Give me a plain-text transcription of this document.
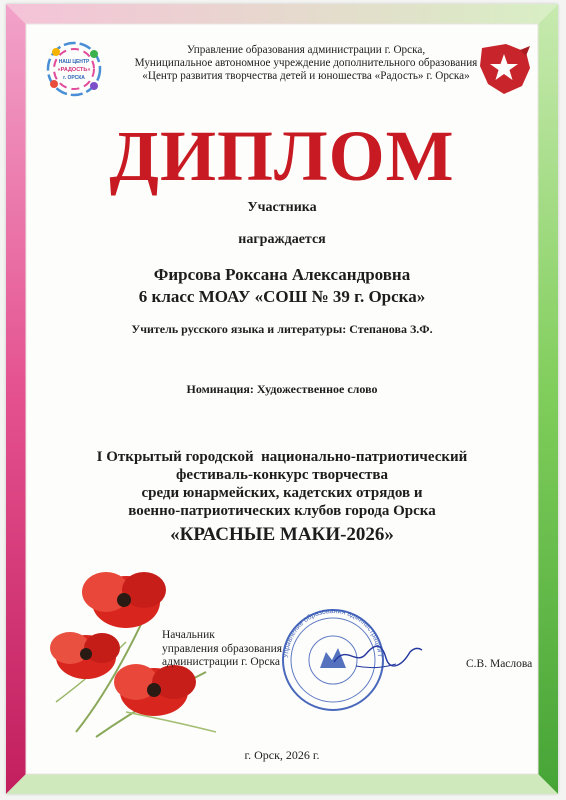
НАШ ЦЕНТР
«РАДОСТЬ»
г. ОРСКА
Управление образования администрации г. Орска,
Муниципальное автономное учреждение дополнительного образования
«Центр развития творчества детей и юношества «Радость» г. Орска»
ДИПЛОМ
Участника
награждается
Фирсова Роксана Александровна
6 класс МОАУ «СОШ № 39 г. Орска»
Учитель русского языка и литературы: Степанова З.Ф.
Номинация: Художественное слово
I Открытый городской  национально-патриотический
фестиваль-конкурс творчества
среди юнармейских, кадетских отрядов и
военно-патриотических клубов города Орска
«КРАСНЫЕ МАКИ-2026»
Начальник
управления образования
администрации г. Орска
Управление образования администрации г
С.В. Маслова
г. Орск, 2026 г.
